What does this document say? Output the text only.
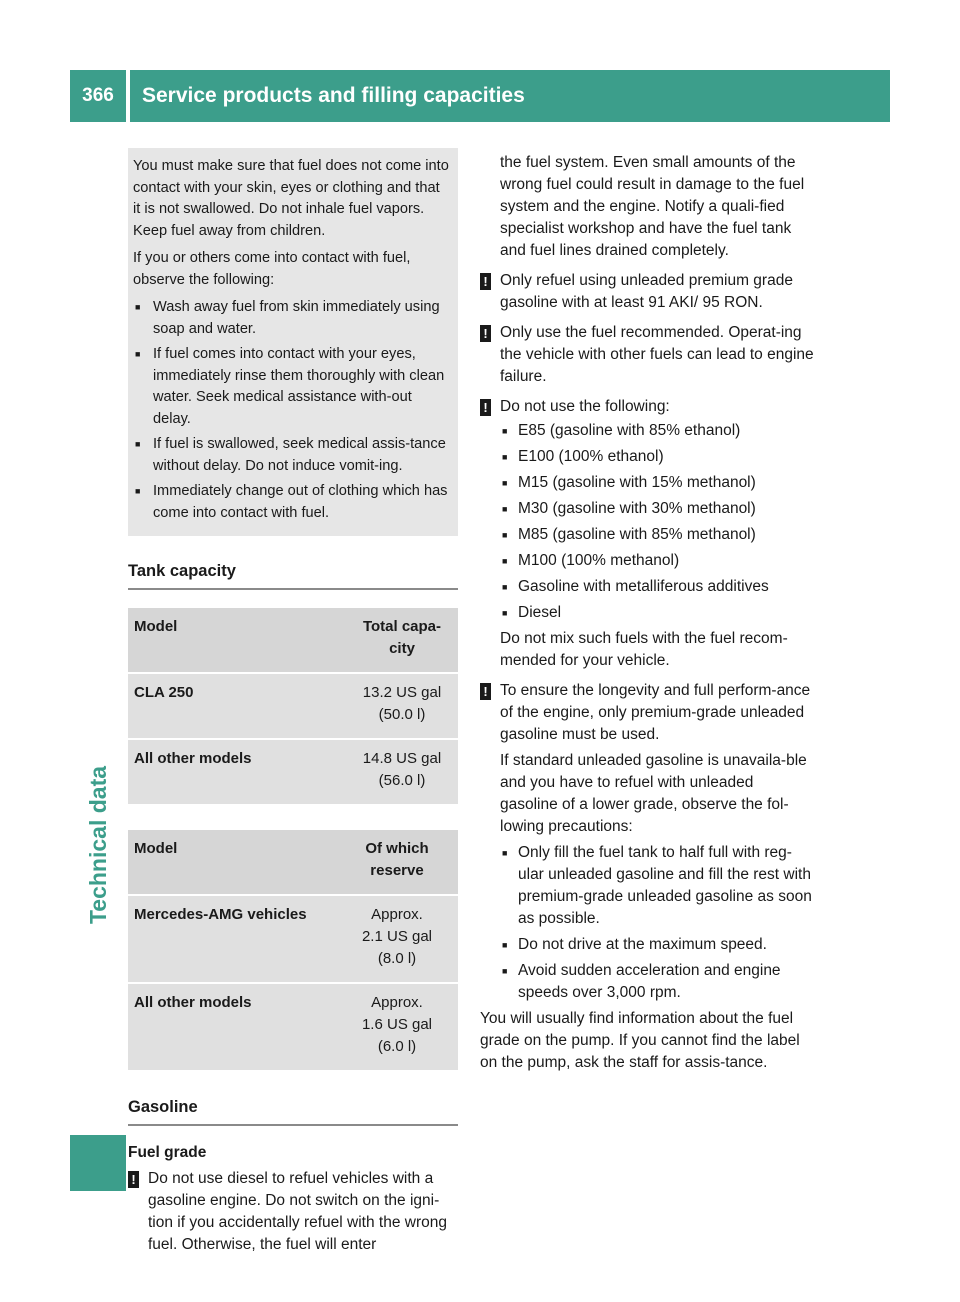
366	Service products and filling capacities
Technical data

You must make sure that fuel does not come into contact with your skin, eyes or clothing and that it is not swallowed. Do not inhale fuel vapors. Keep fuel away from children.

If you or others come into contact with fuel, observe the following:

■ Wash away fuel from skin immediately using soap and water.
■ If fuel comes into contact with your eyes, immediately rinse them thoroughly with clean water. Seek medical assistance with-out delay.
■ If fuel is swallowed, seek medical assis-tance without delay. Do not induce vomit-ing.
■ Immediately change out of clothing which has come into contact with fuel.
Tank capacity
Model	Total capa-city
CLA 250	13.2 US gal
(50.0 l)

All other models	14.8 US gal
(56.0 l)
Model	Of which reserve
Mercedes-AMG vehicles	Approx.
2.1 US gal
(8.0 l)

All other models	Approx.
1.6 US gal
(6.0 l)
Gasoline

Fuel grade

! Do not use diesel to refuel vehicles with a gasoline engine. Do not switch on the igni-tion if you accidentally refuel with the wrong fuel. Otherwise, the fuel will enter

the fuel system. Even small amounts of the wrong fuel could result in damage to the fuel system and the engine. Notify a quali-fied specialist workshop and have the fuel tank and fuel lines drained completely.

! Only refuel using unleaded premium grade gasoline with at least 91 AKI/ 95 RON.
! Only use the fuel recommended. Operat-ing the vehicle with other fuels can lead to engine failure.
! Do not use the following:
■ E85 (gasoline with 85% ethanol)
■ E100 (100% ethanol)
■ M15 (gasoline with 15% methanol)
■ M30 (gasoline with 30% methanol)
■ M85 (gasoline with 85% methanol)
■ M100 (100% methanol)
■ Gasoline with metalliferous additives
■ Diesel

Do not mix such fuels with the fuel recom-mended for your vehicle.

! To ensure the longevity and full perform-ance of the engine, only premium-grade unleaded gasoline must be used.

If standard unleaded gasoline is unavaila-ble and you have to refuel with unleaded gasoline of a lower grade, observe the fol-lowing precautions:

■ Only fill the fuel tank to half full with reg-ular unleaded gasoline and fill the rest with premium-grade unleaded gasoline as soon as possible.
■ Do not drive at the maximum speed.
■ Avoid sudden acceleration and engine speeds over 3,000 rpm.

You will usually find information about the fuel grade on the pump. If you cannot find the label on the pump, ask the staff for assis-tance.
